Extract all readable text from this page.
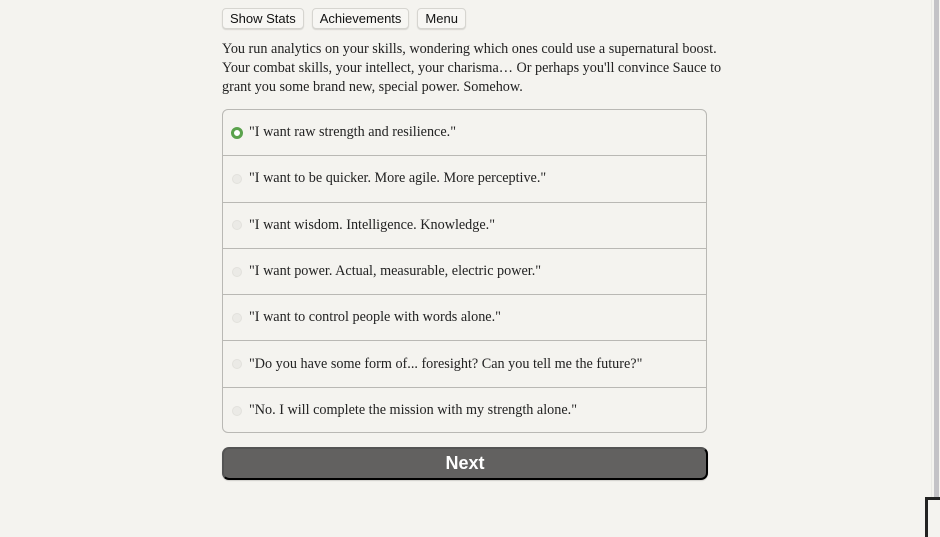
Show Stats	Achievements	Menu
You run analytics on your skills, wondering which ones could use a supernatural boost. Your combat skills, your intellect, your charisma… Or perhaps you'll convince Sauce to grant you some brand new, special power. Somehow.
"I want raw strength and resilience."
"I want to be quicker. More agile. More perceptive."
"I want wisdom. Intelligence. Knowledge."
"I want power. Actual, measurable, electric power."
"I want to control people with words alone."
"Do you have some form of... foresight? Can you tell me the future?"
"No. I will complete the mission with my strength alone."
Next
